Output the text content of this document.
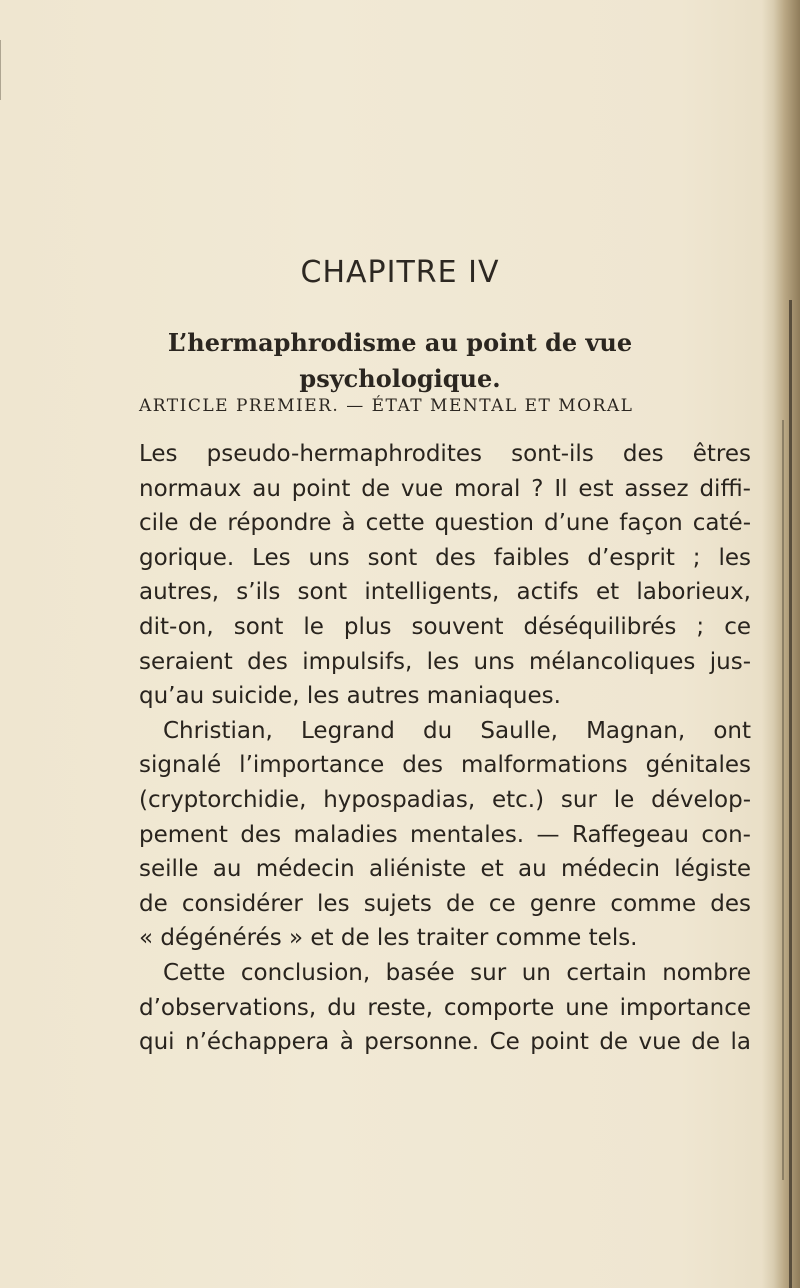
CHAPITRE IV
L’hermaphrodisme au point de vue
psychologique.
ARTICLE PREMIER. — ÉTAT MENTAL ET MORAL
Les pseudo-hermaphrodites sont-ils des êtres
normaux au point de vue moral ? Il est assez diffi-
cile de répondre à cette question d’une façon caté-
gorique. Les uns sont des faibles d’esprit ; les
autres, s’ils sont intelligents, actifs et laborieux,
dit-on, sont le plus souvent déséquilibrés ; ce
seraient des impulsifs, les uns mélancoliques jus-
qu’au suicide, les autres maniaques.
Christian, Legrand du Saulle, Magnan, ont
signalé l’importance des malformations génitales
(cryptorchidie, hypospadias, etc.) sur le dévelop-
pement des maladies mentales. — Raffegeau con-
seille au médecin aliéniste et au médecin légiste
de considérer les sujets de ce genre comme des
« dégénérés » et de les traiter comme tels.
Cette conclusion, basée sur un certain nombre
d’observations, du reste, comporte une importance
qui n’échappera à personne. Ce point de vue de la
